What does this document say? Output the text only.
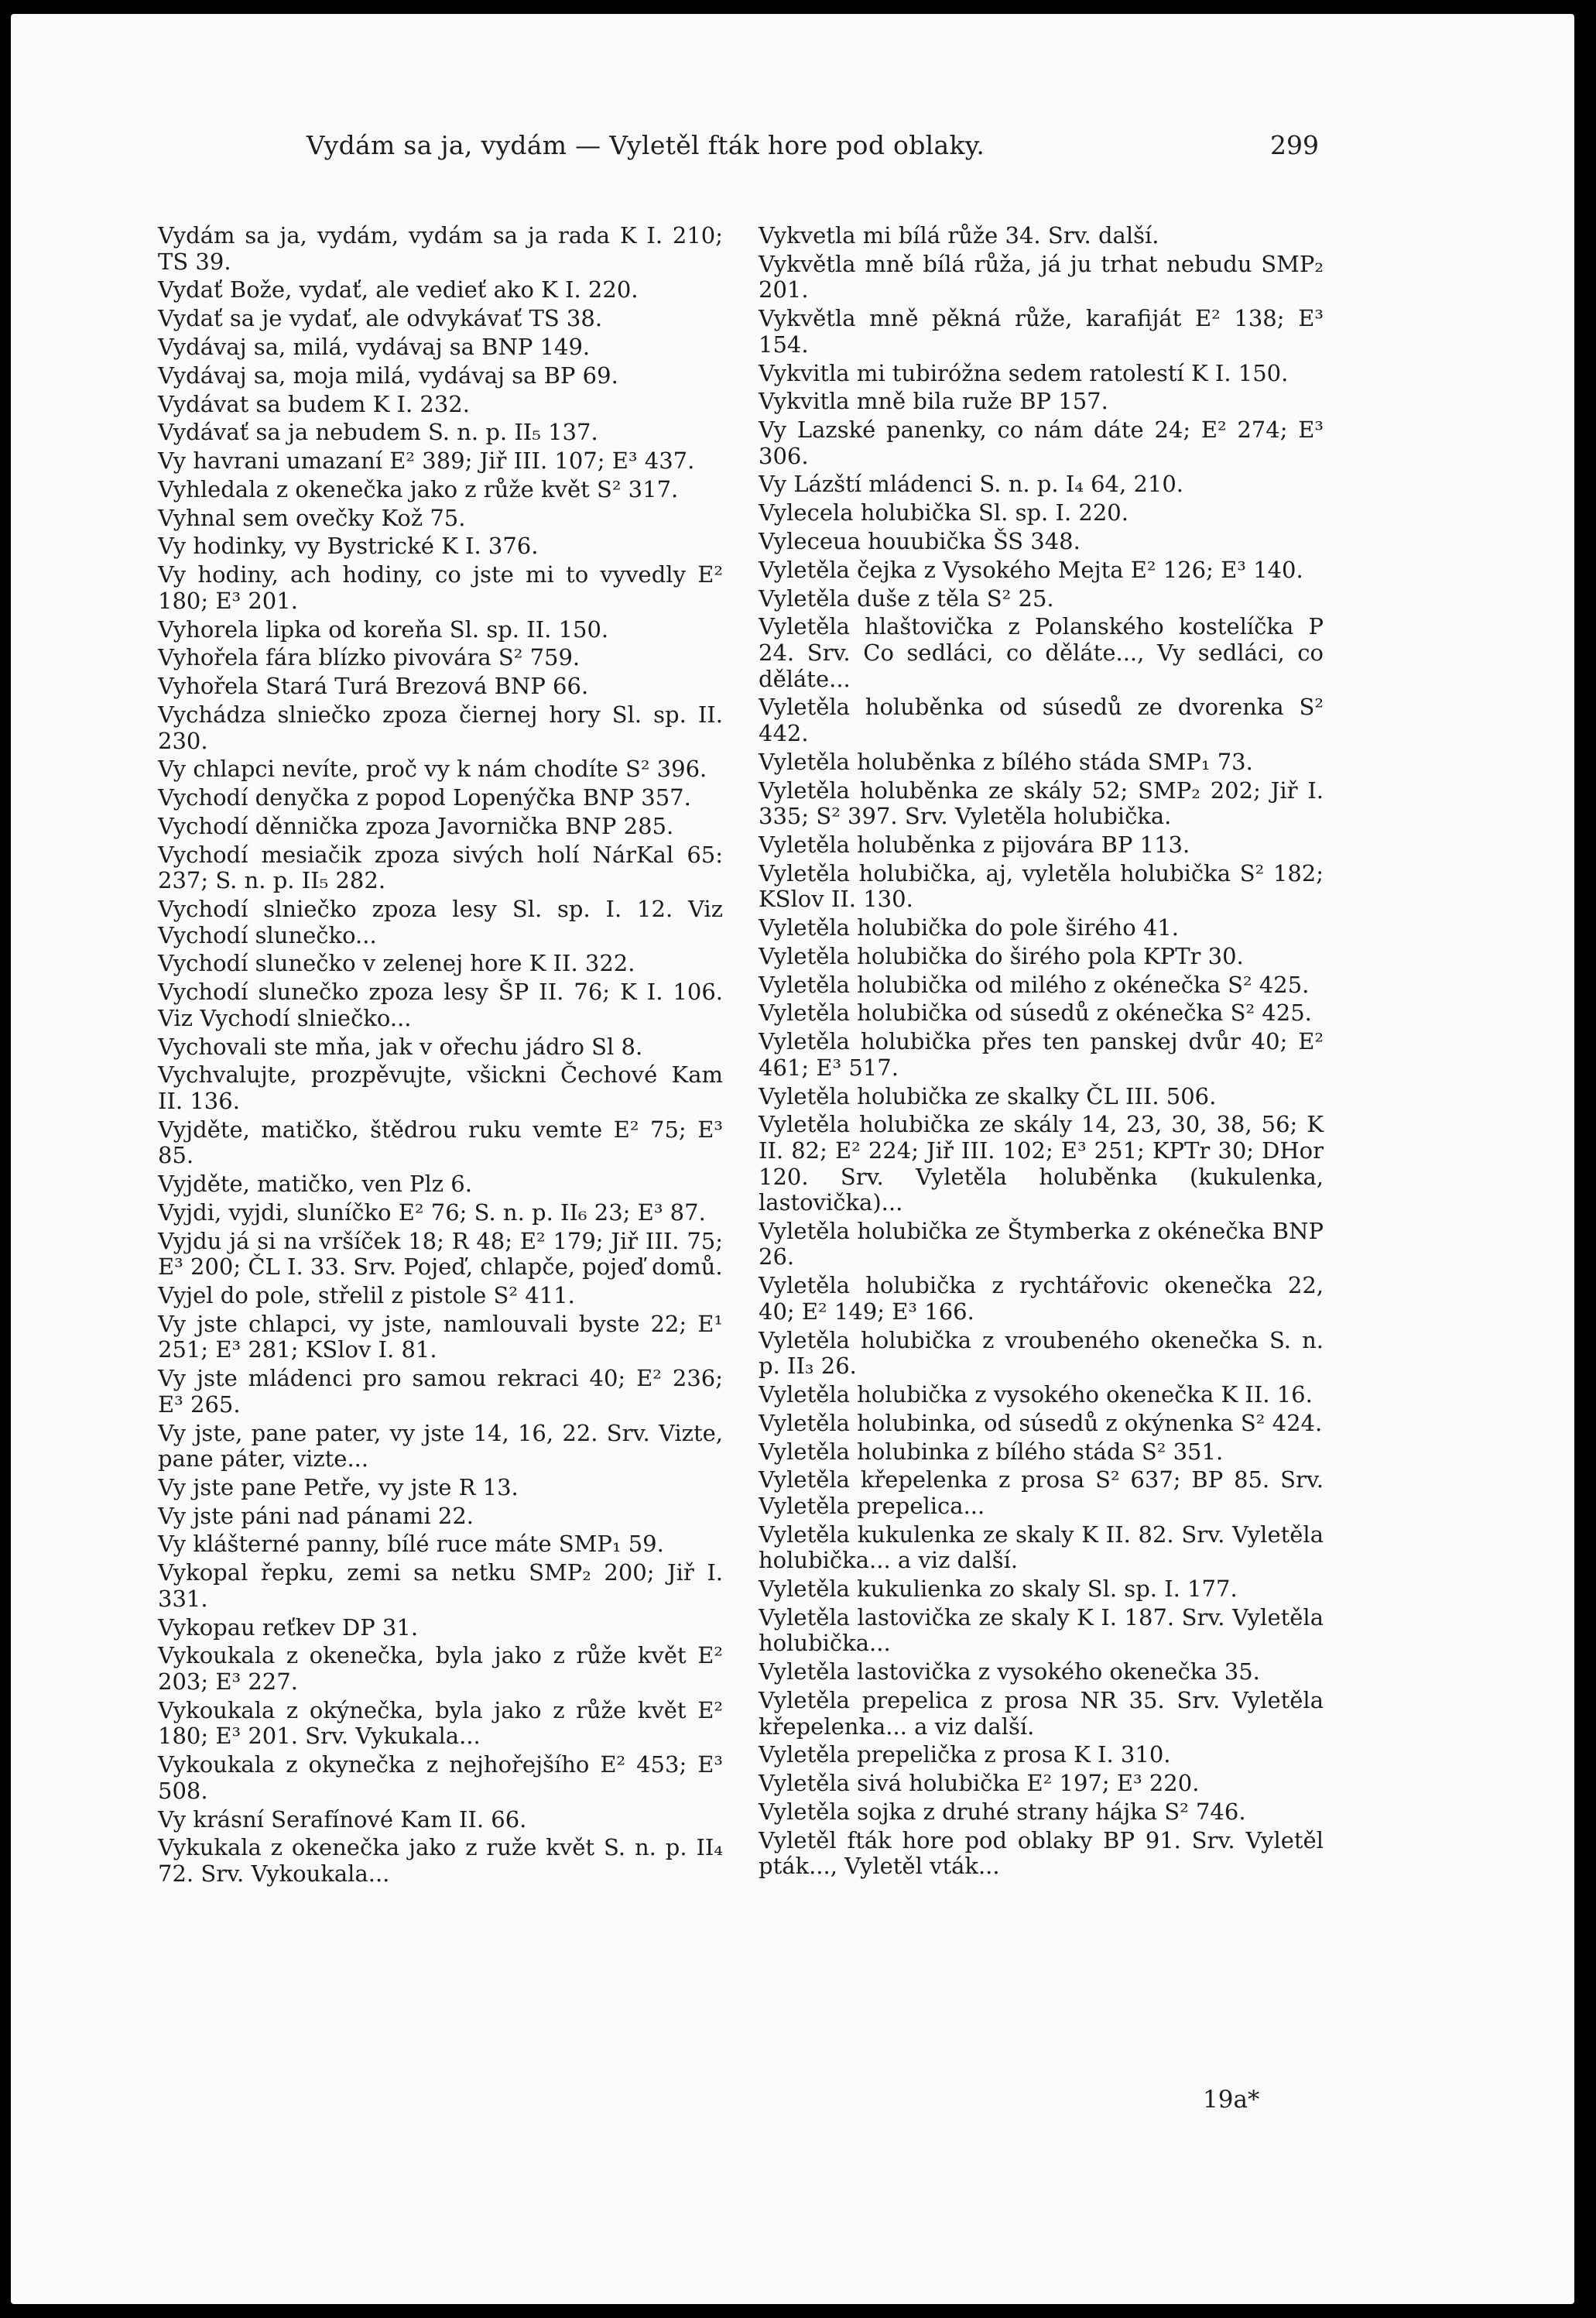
Vydám sa ja, vydám — Vyletěl fták hore pod oblaky.	299

Vydám sa ja, vydám, vydám sa ja rada K I. 210; TS 39.

Vydať Bože, vydať, ale vedieť ako K I. 220.

Vydať sa je vydať, ale odvykávať TS 38.

Vydávaj sa, milá, vydávaj sa BNP 149.

Vydávaj sa, moja milá, vydávaj sa BP 69.

Vydávat sa budem K I. 232.

Vydávať sa ja nebudem S. n. p. II₅ 137.

Vy havrani umazaní E² 389; Jiř III. 107; E³ 437.

Vyhledala z okenečka jako z růže květ S² 317.

Vyhnal sem ovečky Kož 75.

Vy hodinky, vy Bystrické K I. 376.

Vy hodiny, ach hodiny, co jste mi to vyvedly E² 180; E³ 201.

Vyhorela lipka od koreňa Sl. sp. II. 150.

Vyhořela fára blízko pivovára S² 759.

Vyhořela Stará Turá Brezová BNP 66.

Vychádza slniečko zpoza čiernej hory Sl. sp. II. 230.

Vy chlapci nevíte, proč vy k nám chodíte S² 396.

Vychodí denyčka z popod Lopenýčka BNP 357.

Vychodí děnnička zpoza Javornička BNP 285.

Vychodí mesiačik zpoza sivých holí NárKal 65: 237; S. n. p. II₅ 282.

Vychodí slniečko zpoza lesy Sl. sp. I. 12. Viz Vychodí slunečko...

Vychodí slunečko v zelenej hore K II. 322.

Vychodí slunečko zpoza lesy ŠP II. 76; K I. 106. Viz Vychodí slniečko...

Vychovali ste mňa, jak v ořechu jádro Sl 8.

Vychvalujte, prozpěvujte, všickni Čechové Kam II. 136.

Vyjděte, matičko, štědrou ruku vemte E² 75; E³ 85.

Vyjděte, matičko, ven Plz 6.

Vyjdi, vyjdi, sluníčko E² 76; S. n. p. II₆ 23; E³ 87.

Vyjdu já si na vršíček 18; R 48; E² 179; Jiř III. 75; E³ 200; ČL I. 33. Srv. Pojeď, chlapče, pojeď domů.

Vyjel do pole, střelil z pistole S² 411.

Vy jste chlapci, vy jste, namlouvali byste 22; E¹ 251; E³ 281; KSlov I. 81.

Vy jste mládenci pro samou rekraci 40; E² 236; E³ 265.

Vy jste, pane pater, vy jste 14, 16, 22. Srv. Vizte, pane páter, vizte...

Vy jste pane Petře, vy jste R 13.

Vy jste páni nad pánami 22.

Vy klášterné panny, bílé ruce máte SMP₁ 59.

Vykopal řepku, zemi sa netku SMP₂ 200; Jiř I. 331.

Vykopau reťkev DP 31.

Vykoukala z okenečka, byla jako z růže květ E² 203; E³ 227.

Vykoukala z okýnečka, byla jako z růže květ E² 180; E³ 201. Srv. Vykukala...

Vykoukala z okynečka z nejhořejšího E² 453; E³ 508.

Vy krásní Serafínové Kam II. 66.

Vykukala z okenečka jako z ruže květ S. n. p. II₄ 72. Srv. Vykoukala...

Vykvetla mi bílá růže 34. Srv. další.

Vykvětla mně bílá růža, já ju trhat nebudu SMP₂ 201.

Vykvětla mně pěkná růže, karafiját E² 138; E³ 154.

Vykvitla mi tubiróžna sedem ratolestí K I. 150.

Vykvitla mně bila ruže BP 157.

Vy Lazské panenky, co nám dáte 24; E² 274; E³ 306.

Vy Lázští mládenci S. n. p. I₄ 64, 210.

Vylecela holubička Sl. sp. I. 220.

Vyleceua houubička ŠS 348.

Vyletěla čejka z Vysokého Mejta E² 126; E³ 140.

Vyletěla duše z těla S² 25.

Vyletěla hlaštovička z Polanského kostelíčka P 24. Srv. Co sedláci, co děláte..., Vy sedláci, co děláte...

Vyletěla holuběnka od súsedů ze dvorenka S² 442.

Vyletěla holuběnka z bílého stáda SMP₁ 73.

Vyletěla holuběnka ze skály 52; SMP₂ 202; Jiř I. 335; S² 397. Srv. Vyletěla holubička.

Vyletěla holuběnka z pijovára BP 113.

Vyletěla holubička, aj, vyletěla holubička S² 182; KSlov II. 130.

Vyletěla holubička do pole širého 41.

Vyletěla holubička do širého pola KPTr 30.

Vyletěla holubička od milého z okénečka S² 425.

Vyletěla holubička od súsedů z okénečka S² 425.

Vyletěla holubička přes ten panskej dvůr 40; E² 461; E³ 517.

Vyletěla holubička ze skalky ČL III. 506.

Vyletěla holubička ze skály 14, 23, 30, 38, 56; K II. 82; E² 224; Jiř III. 102; E³ 251; KPTr 30; DHor 120. Srv. Vyletěla holuběnka (kukulenka, lastovička)...

Vyletěla holubička ze Štymberka z okénečka BNP 26.

Vyletěla holubička z rychtářovic okenečka 22, 40; E² 149; E³ 166.

Vyletěla holubička z vroubeného okenečka S. n. p. II₃ 26.

Vyletěla holubička z vysokého okenečka K II. 16.

Vyletěla holubinka, od súsedů z okýnenka S² 424.

Vyletěla holubinka z bílého stáda S² 351.

Vyletěla křepelenka z prosa S² 637; BP 85. Srv. Vyletěla prepelica...

Vyletěla kukulenka ze skaly K II. 82. Srv. Vyletěla holubička... a viz další.

Vyletěla kukulienka zo skaly Sl. sp. I. 177.

Vyletěla lastovička ze skaly K I. 187. Srv. Vyletěla holubička...

Vyletěla lastovička z vysokého okenečka 35.

Vyletěla prepelica z prosa NR 35. Srv. Vyletěla křepelenka... a viz další.

Vyletěla prepelička z prosa K I. 310.

Vyletěla sivá holubička E² 197; E³ 220.

Vyletěla sojka z druhé strany hájka S² 746.

Vyletěl fták hore pod oblaky BP 91. Srv. Vyletěl pták..., Vyletěl vták...

19a*
